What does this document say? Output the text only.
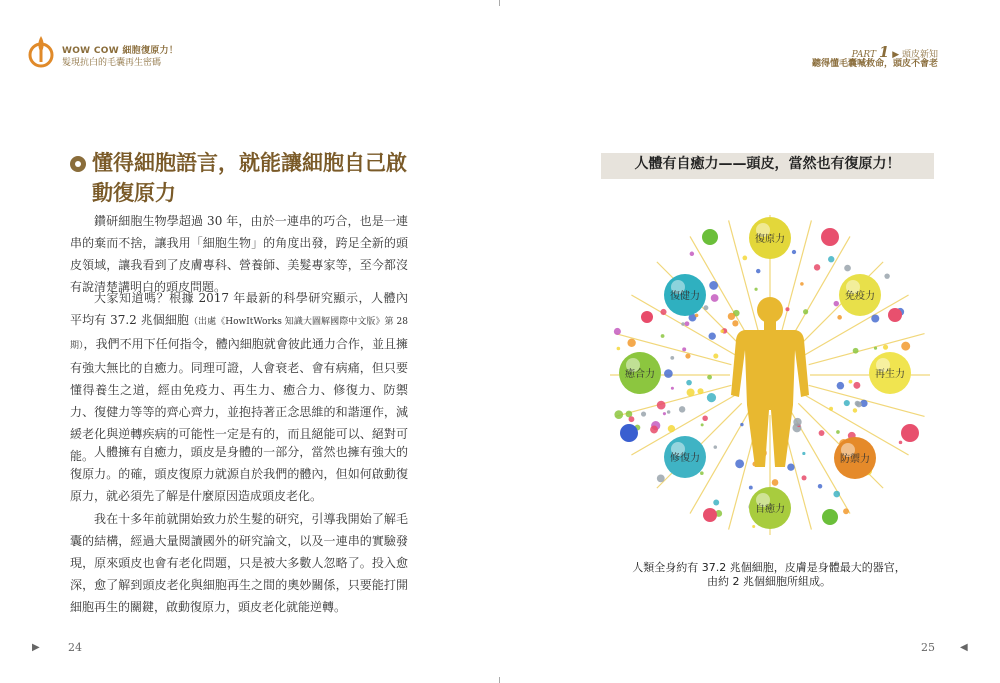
WOW COW 細胞復原力！
髮現抗白的毛囊再生密碼
PART 1 ▶ 頭皮新知
聽得懂毛囊喊救命，頭皮不會老
懂得細胞語言，就能讓細胞自己啟動復原力

鑽研細胞生物學超過 30 年，由於一連串的巧合，也是一連串的棄而不捨，讓我用「細胞生物」的角度出發，跨足全新的頭皮領域，讓我看到了皮膚專科、營養師、美髮專家等，至今都沒有說清楚講明白的頭皮問題。

大家知道嗎？根據 2017 年最新的科學研究顯示，人體內平均有 37.2 兆個細胞（出處《HowItWorks 知識大圖解國際中文版》第 28 期），我們不用下任何指令，體內細胞就會彼此通力合作，並且擁有強大無比的自癒力。同理可證，人會衰老、會有病痛，但只要懂得養生之道，經由免疫力、再生力、癒合力、修復力、防禦力、復健力等等的齊心齊力，並抱持著正念思維的和諧運作，減緩老化與逆轉疾病的可能性一定是有的，而且絕能可以、絕對可能。 人體擁有自癒力，頭皮是身體的一部分，當然也擁有強大的復原力。的確，頭皮復原力就源自於我們的體內，但如何啟動復原力，就必須先了解是什麼原因造成頭皮老化。

我在十多年前就開始致力於生髮的研究，引導我開始了解毛囊的結構，經過大量閱讀國外的研究論文，以及一連串的實驗發現，原來頭皮也會有老化問題，只是被大多數人忽略了。投入愈深，愈了解到頭皮老化與細胞再生之間的奧妙關係，只要能打開細胞再生的關鍵，啟動復原力，頭皮老化就能逆轉。

▶	24
人體有自癒力——頭皮，當然也有復原力！
復原力
免疫力
再生力
防禦力
自癒力
修復力
癒合力
復健力
人類全身約有 37.2 兆個細胞，皮膚是身體最大的器官，
由約 2 兆個細胞所組成。
25	◀
